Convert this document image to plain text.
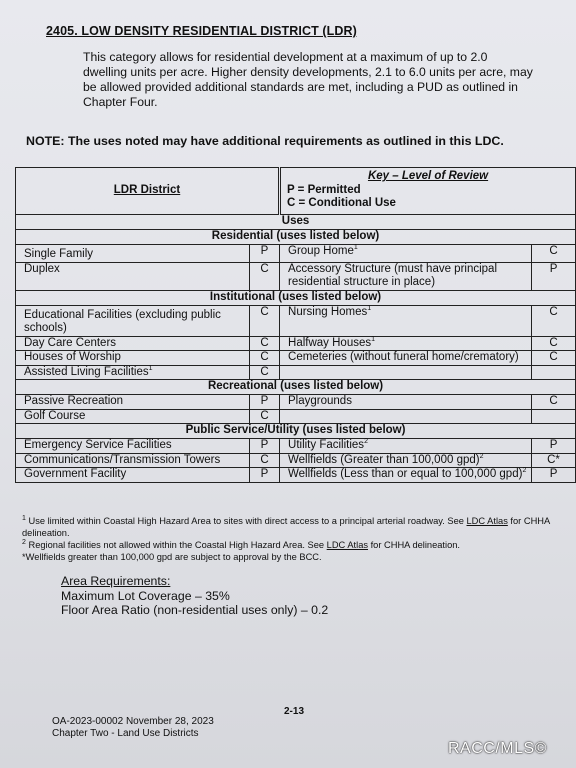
2405. LOW DENSITY RESIDENTIAL DISTRICT (LDR)
This category allows for residential development at a maximum of up to 2.0 dwelling units per acre. Higher density developments, 2.1 to 6.0 units per acre, may be allowed provided additional standards are met, including a PUD as outlined in Chapter Four.
NOTE: The uses noted may have additional requirements as outlined in this LDC.
LDR District		Key – Level of Review
P = Permitted
C = Conditional Use	

Uses			
Residential (uses listed below)			
Single Family	P	Group Home$^1$	C
Duplex	C	Accessory Structure (must have principal residential structure in place)	P
Institutional (uses listed below)			
Educational Facilities (excluding public schools)	C	Nursing Homes$^1$	C
Day Care Centers	C	Halfway Houses$^1$	C
Houses of Worship	C	Cemeteries (without funeral home/crematory)	C
Assisted Living Facilities$^1$	C		
Recreational (uses listed below)			
Passive Recreation	P	Playgrounds	C
Golf Course	C		
Public Service/Utility (uses listed below)			
Emergency Service Facilities	P	Utility Facilities$^2$	P
Communications/Transmission Towers	C	Wellfields (Greater than 100,000 gpd)$^2$	C*
Government Facility	P	Wellfields (Less than or equal to 100,000 gpd)$^2$	P
$^1$ Use limited within Coastal High Hazard Area to sites with direct access to a principal arterial roadway. See LDC Atlas for CHHA delineation.
$^2$ Regional facilities not allowed within the Coastal High Hazard Area. See LDC Atlas for CHHA delineation.
*Wellfields greater than 100,000 gpd are subject to approval by the BCC.
Area Requirements:
Maximum Lot Coverage – 35%
Floor Area Ratio (non-residential uses only) – 0.2
2-13
OA-2023-00002 November 28, 2023
Chapter Two - Land Use Districts
RACC/MLS©
